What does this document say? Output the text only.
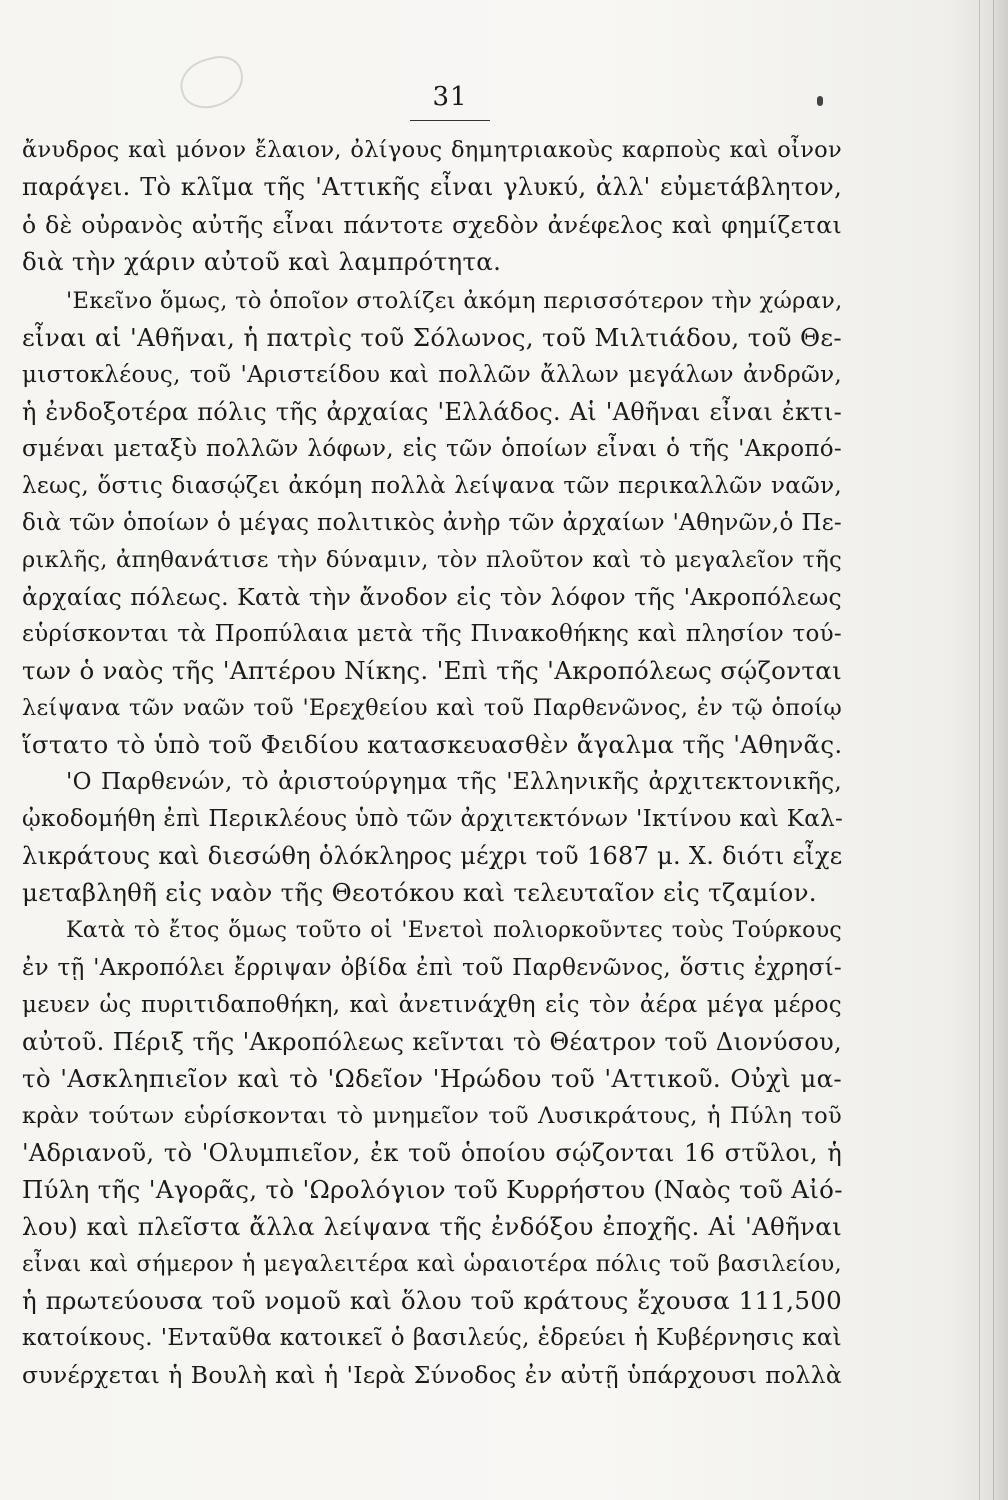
31
ἄνυδρος καὶ μόνον ἔλαιον, ὀλίγους δημητριακοὺς καρποὺς καὶ οἶνον
παράγει. Τὸ κλῖμα τῆς 'Αττικῆς εἶναι γλυκύ, ἀλλ' εὐμετάβλητον,
ὁ δὲ οὐρανὸς αὐτῆς εἶναι πάντοτε σχεδὸν ἀνέφελος καὶ φημίζεται
διὰ τὴν χάριν αὐτοῦ καὶ λαμπρότητα.
'Εκεῖνο ὅμως, τὸ ὁποῖον στολίζει ἀκόμη περισσότερον τὴν χώραν,
εἶναι αἱ 'Αθῆναι, ἡ πατρὶς τοῦ Σόλωνος, τοῦ Μιλτιάδου, τοῦ Θε-
μιστοκλέους, τοῦ 'Αριστείδου καὶ πολλῶν ἄλλων μεγάλων ἀνδρῶν,
ἡ ἐνδοξοτέρα πόλις τῆς ἀρχαίας 'Ελλάδος. Αἱ 'Αθῆναι εἶναι ἐκτι-
σμέναι μεταξὺ πολλῶν λόφων, εἰς τῶν ὁποίων εἶναι ὁ τῆς 'Ακροπό-
λεως, ὅστις διασῴζει ἀκόμη πολλὰ λείψανα τῶν περικαλλῶν ναῶν,
διὰ τῶν ὁποίων ὁ μέγας πολιτικὸς ἀνὴρ τῶν ἀρχαίων 'Αθηνῶν,ὁ Πε-
ρικλῆς, ἀπηθανάτισε τὴν δύναμιν, τὸν πλοῦτον καὶ τὸ μεγαλεῖον τῆς
ἀρχαίας πόλεως. Κατὰ τὴν ἄνοδον εἰς τὸν λόφον τῆς 'Ακροπόλεως
εὑρίσκονται τὰ Προπύλαια μετὰ τῆς Πινακοθήκης καὶ πλησίον τού-
των ὁ ναὸς τῆς 'Απτέρου Νίκης. 'Επὶ τῆς 'Ακροπόλεως σῴζονται
λείψανα τῶν ναῶν τοῦ 'Ερεχθείου καὶ τοῦ Παρθενῶνος, ἐν τῷ ὁποίῳ
ἵστατο τὸ ὑπὸ τοῦ Φειδίου κατασκευασθὲν ἄγαλμα τῆς 'Αθηνᾶς.
'Ο Παρθενών, τὸ ἀριστούργημα τῆς 'Ελληνικῆς ἀρχιτεκτονικῆς,
ᾠκοδομήθη ἐπὶ Περικλέους ὑπὸ τῶν ἀρχιτεκτόνων 'Ικτίνου καὶ Καλ-
λικράτους καὶ διεσώθη ὁλόκληρος μέχρι τοῦ 1687 μ. Χ. διότι εἶχε
μεταβληθῆ εἰς ναὸν τῆς Θεοτόκου καὶ τελευταῖον εἰς τζαμίον.
Κατὰ τὸ ἔτος ὅμως τοῦτο οἱ 'Ενετοὶ πολιορκοῦντες τοὺς Τούρκους
ἐν τῇ 'Ακροπόλει ἔρριψαν ὀβίδα ἐπὶ τοῦ Παρθενῶνος, ὅστις ἐχρησί-
μευεν ὡς πυριτιδαποθήκη, καὶ ἀνετινάχθη εἰς τὸν ἀέρα μέγα μέρος
αὐτοῦ. Πέριξ τῆς 'Ακροπόλεως κεῖνται τὸ Θέατρον τοῦ Διονύσου,
τὸ 'Ασκληπιεῖον καὶ τὸ 'Ωδεῖον 'Ηρώδου τοῦ 'Αττικοῦ. Οὐχὶ μα-
κρὰν τούτων εὑρίσκονται τὸ μνημεῖον τοῦ Λυσικράτους, ἡ Πύλη τοῦ
'Αδριανοῦ, τὸ 'Ολυμπιεῖον, ἐκ τοῦ ὁποίου σῴζονται 16 στῦλοι, ἡ
Πύλη τῆς 'Αγορᾶς, τὸ 'Ωρολόγιον τοῦ Κυρρήστου (Ναὸς τοῦ Αἰό-
λου) καὶ πλεῖστα ἄλλα λείψανα τῆς ἐνδόξου ἐποχῆς. Αἱ 'Αθῆναι
εἶναι καὶ σήμερον ἡ μεγαλειτέρα καὶ ὡραιοτέρα πόλις τοῦ βασιλείου,
ἡ πρωτεύουσα τοῦ νομοῦ καὶ ὅλου τοῦ κράτους ἔχουσα 111,500
κατοίκους. 'Ενταῦθα κατοικεῖ ὁ βασιλεύς, ἑδρεύει ἡ Κυβέρνησις καὶ
συνέρχεται ἡ Βουλὴ καὶ ἡ 'Ιερὰ Σύνοδος ἐν αὐτῇ ὑπάρχουσι πολλὰ
